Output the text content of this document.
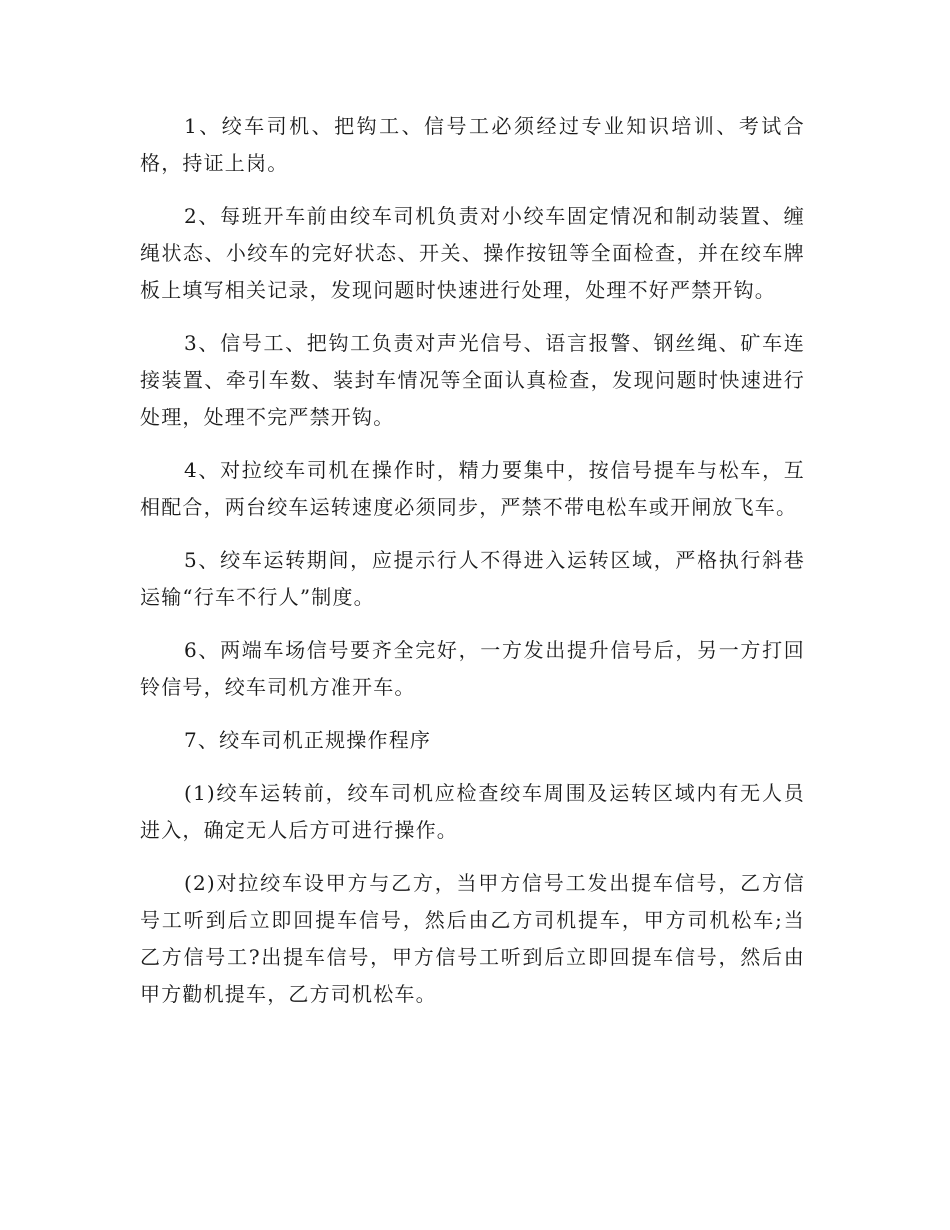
1、绞车司机、把钩工、信号工必须经过专业知识培训、考试合格，持证上岗。

2、每班开车前由绞车司机负责对小绞车固定情况和制动装置、缠绳状态、小绞车的完好状态、开关、操作按钮等全面检查，并在绞车牌板上填写相关记录，发现问题时快速进行处理，处理不好严禁开钩。

3、信号工、把钩工负责对声光信号、语言报警、钢丝绳、矿车连接装置、牵引车数、装封车情况等全面认真检查，发现问题时快速进行处理，处理不完严禁开钩。

4、对拉绞车司机在操作时，精力要集中，按信号提车与松车，互相配合，两台绞车运转速度必须同步，严禁不带电松车或开闸放飞车。

5、绞车运转期间，应提示行人不得进入运转区域，严格执行斜巷运输“行车不行人”制度。

6、两端车场信号要齐全完好，一方发出提升信号后，另一方打回铃信号，绞车司机方准开车。

7、绞车司机正规操作程序

(1)绞车运转前，绞车司机应检查绞车周围及运转区域内有无人员进入，确定无人后方可进行操作。

(2)对拉绞车设甲方与乙方，当甲方信号工发出提车信号，乙方信号工听到后立即回提车信号，然后由乙方司机提车，甲方司机松车;当乙方信号工?出提车信号，甲方信号工听到后立即回提车信号，然后由甲方勸机提车，乙方司机松车。
